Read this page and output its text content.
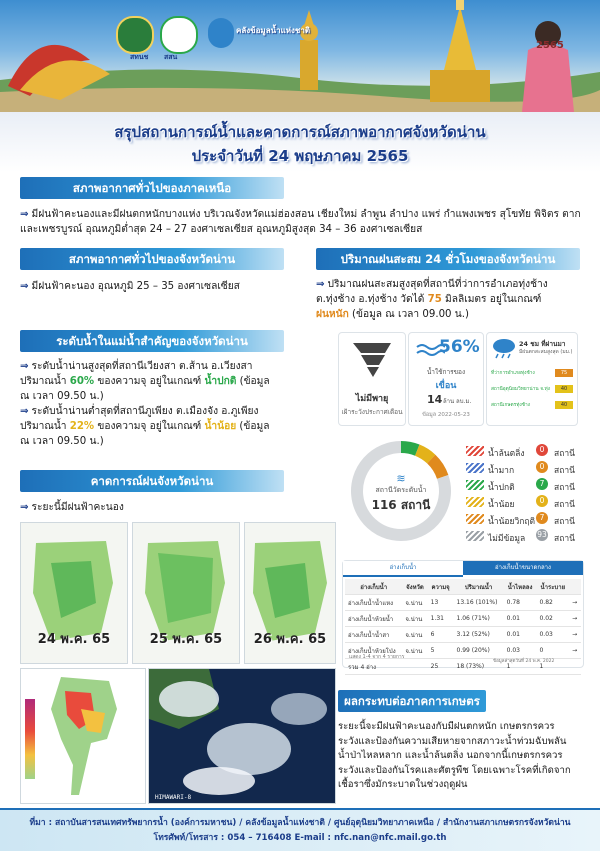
สสน
คลังข้อมูลน้ำแห่งชาติ
2565
สทนช
สรุปสถานการณ์น้ำและคาดการณ์สภาพอากาศจังหวัดน่าน
ประจำวันที่ 24 พฤษภาคม 2565
สภาพอากาศทั่วไปของภาคเหนือ
⇒ มีฝนฟ้าคะนองและมีฝนตกหนักบางแห่ง บริเวณจังหวัดแม่ฮ่องสอน เชียงใหม่ ลำพูน ลำปาง แพร่ กำแพงเพชร สุโขทัย พิจิตร ตาก
และเพชรบูรณ์ อุณหภูมิต่ำสุด 24 – 27 องศาเซลเซียส อุณหภูมิสูงสุด 34 – 36 องศาเซลเซียส
สภาพอากาศทั่วไปของจังหวัดน่าน
⇒ มีฝนฟ้าคะนอง อุณหภูมิ 25 – 35 องศาเซลเซียส
ปริมาณฝนสะสม 24 ชั่วโมงของจังหวัดน่าน
⇒ ปริมาณฝนสะสมสูงสุดที่สถานีที่ว่าการอำเภอทุ่งช้าง
ต.ทุ่งช้าง อ.ทุ่งช้าง วัดได้ 75 มิลลิเมตร อยู่ในเกณฑ์
ฝนหนัก (ข้อมูล ณ เวลา 09.00 น.)
ระดับน้ำในแม่น้ำสำคัญของจังหวัดน่าน
⇒ ระดับน้ำน่านสูงสุดที่สถานีเวียงสา ต.ส้าน อ.เวียงสา
ปริมาณน้ำ 60% ของความจุ อยู่ในเกณฑ์ น้ำปกติ (ข้อมูล
ณ เวลา 09.50 น.)
⇒ ระดับน้ำน่านต่ำสุดที่สถานีภูเพียง ต.เมืองจัง อ.ภูเพียง
ปริมาณน้ำ 22% ของความจุ อยู่ในเกณฑ์ น้ำน้อย (ข้อมูล
ณ เวลา 09.50 น.)
คาดการณ์ฝนจังหวัดน่าน
⇒ ระยะนี้มีฝนฟ้าคะนอง
24 พ.ค. 65	25 พ.ค. 65	26 พ.ค. 65
ไม่มีพายุ
เฝ้าระวังประกาศเตือน
56%
น้ำใช้การของ
เขื่อน
14 ล้าน ลบ.ม.
ข้อมูล 2022-05-23
24 ชม ที่ผ่านมา
มีฝนตกสะสมสูงสุด (มม.)
ที่ว่าการอำเภอทุ่งช้าง	75
สถานีอุตุนิยมวิทยาน่าน จ.ทุ่ง	40
สถานีเกษตรทุ่งช้าง	40
≋
สถานีวัดระดับน้ำ
116 สถานี
น้ำล้นตลิ่ง	0	สถานี
น้ำมาก	0	สถานี
น้ำปกติ	7	สถานี
น้ำน้อย	0	สถานี
น้ำน้อยวิกฤติ 7	สถานี
ไม่มีข้อมูล 93 สถานี
อ่างเก็บน้ำ	อ่างเก็บน้ำขนาดกลาง
อ่างเก็บน้ำ	จังหวัด	ความจุ	ปริมาณน้ำ	น้ำไหลลง	น้ำระบาย	
อ่างเก็บน้ำน้ำแหง	จ.น่าน	13	13.16 (101%)	0.78	0.82	→
อ่างเก็บน้ำห้วยน้ำ	จ.น่าน	1.31	1.06 (71%)	0.01	0.02	→
อ่างเก็บน้ำน้ำสา	จ.น่าน	6	3.12 (52%)	0.01	0.03	→
อ่างเก็บน้ำห้วยโป่ง	จ.น่าน	5	0.99 (20%)	0.03	0	→
รวม 4 อ่าง		25	18 (73%)	1	1	
แสดง 1-4 จาก 4 รายการ
ข้อมูลล่าสุดวันที่ 24 พ.ค. 2022
HIMAWARI-8
ผลกระทบต่อภาคการเกษตร
ระยะนี้จะมีฝนฟ้าคะนองกับมีฝนตกหนัก เกษตรกรควร
ระวังและป้องกันความเสียหายจากสภาวะน้ำท่วมฉับพลัน
น้ำป่าไหลหลาก และน้ำล้นตลิ่ง นอกจากนี้เกษตรกรควร
ระวังและป้องกันโรคและศัตรูพืช โดยเฉพาะโรคที่เกิดจาก
เชื้อราซึ่งมักระบาดในช่วงฤดูฝน
ที่มา : สถาบันสารสนเทศทรัพยากรน้ำ (องค์การมหาชน) / คลังข้อมูลน้ำแห่งชาติ / ศูนย์อุตุนิยมวิทยาภาคเหนือ / สำนักงานสภาเกษตรกรจังหวัดน่าน
โทรศัพท์/โทรสาร : 054 – 716408 E-mail : nfc.nan@nfc.mail.go.th
